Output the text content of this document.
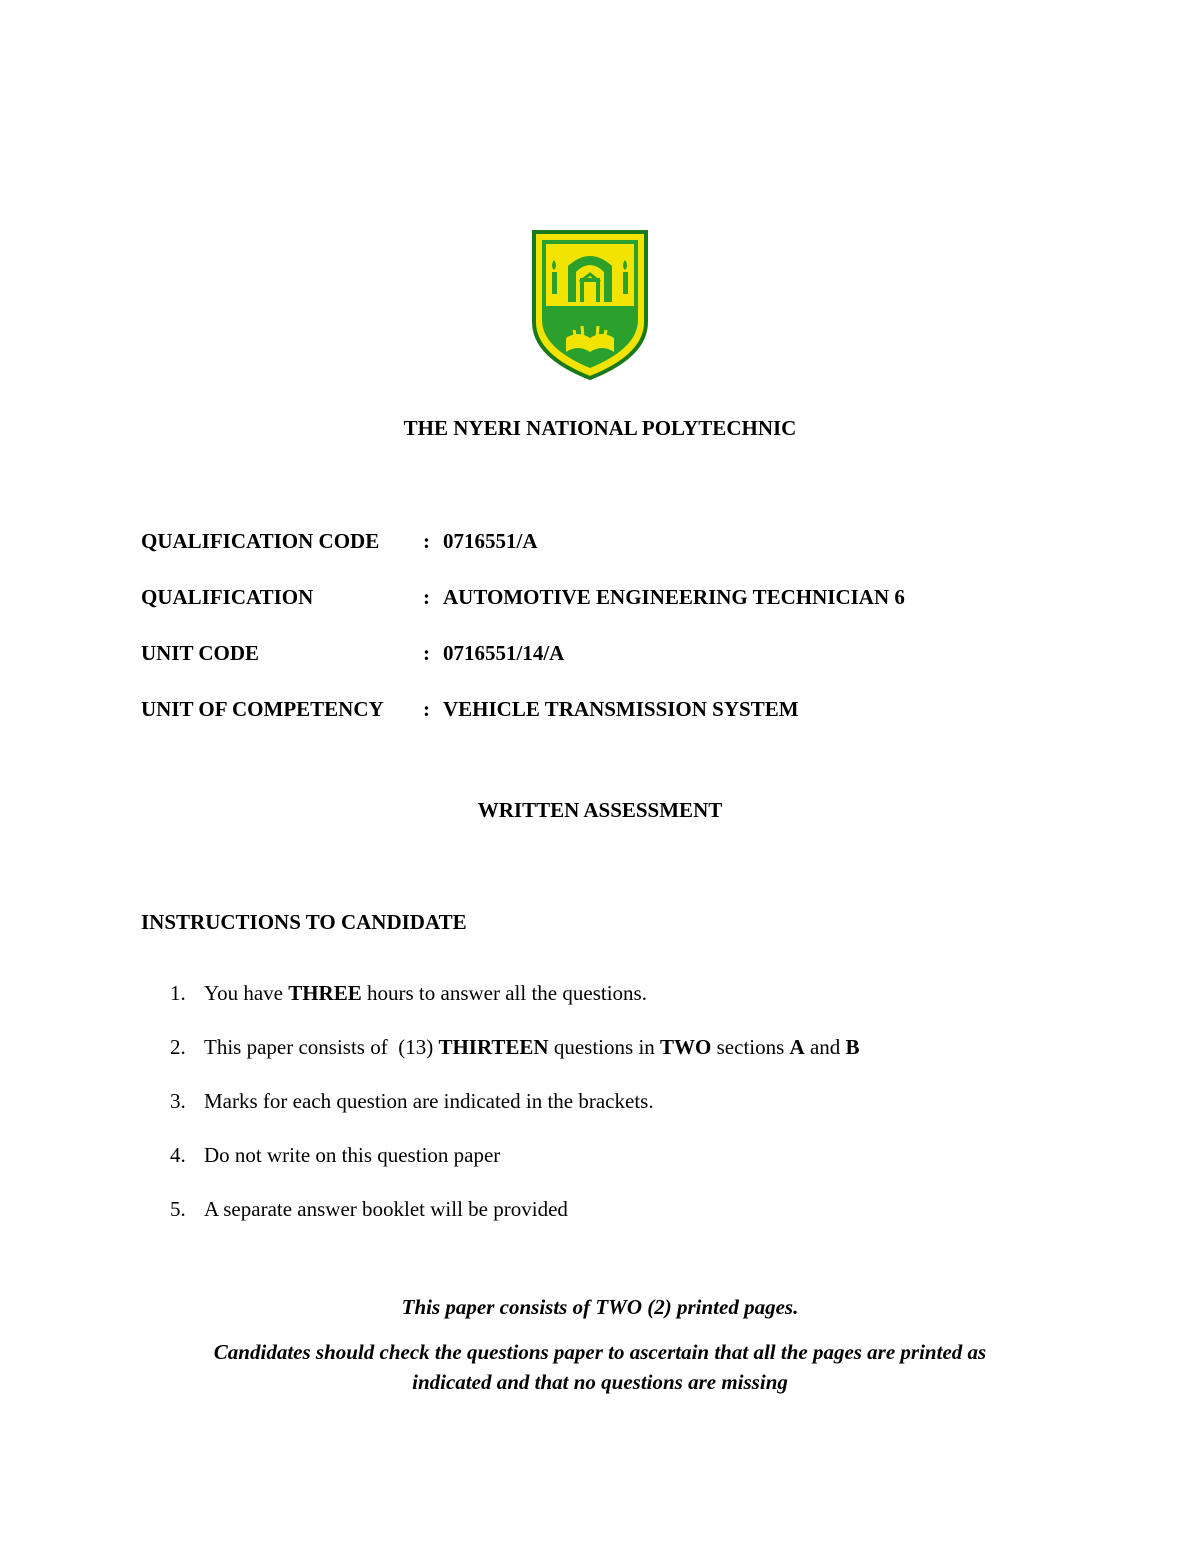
THE NYERI NATIONAL POLYTECHNIC
QUALIFICATION CODE : 0716551/A
QUALIFICATION	: AUTOMOTIVE ENGINEERING TECHNICIAN 6
UNIT CODE	: 0716551/14/A
UNIT OF COMPETENCY : VEHICLE TRANSMISSION SYSTEM
WRITTEN ASSESSMENT
INSTRUCTIONS TO CANDIDATE
1. You have THREE hours to answer all the questions.
2. This paper consists of  (13) THIRTEEN questions in TWO sections A and B
3. Marks for each question are indicated in the brackets.
4. Do not write on this question paper
5. A separate answer booklet will be provided
This paper consists of TWO (2) printed pages.
Candidates should check the questions paper to ascertain that all the pages are printed as
indicated and that no questions are missing
